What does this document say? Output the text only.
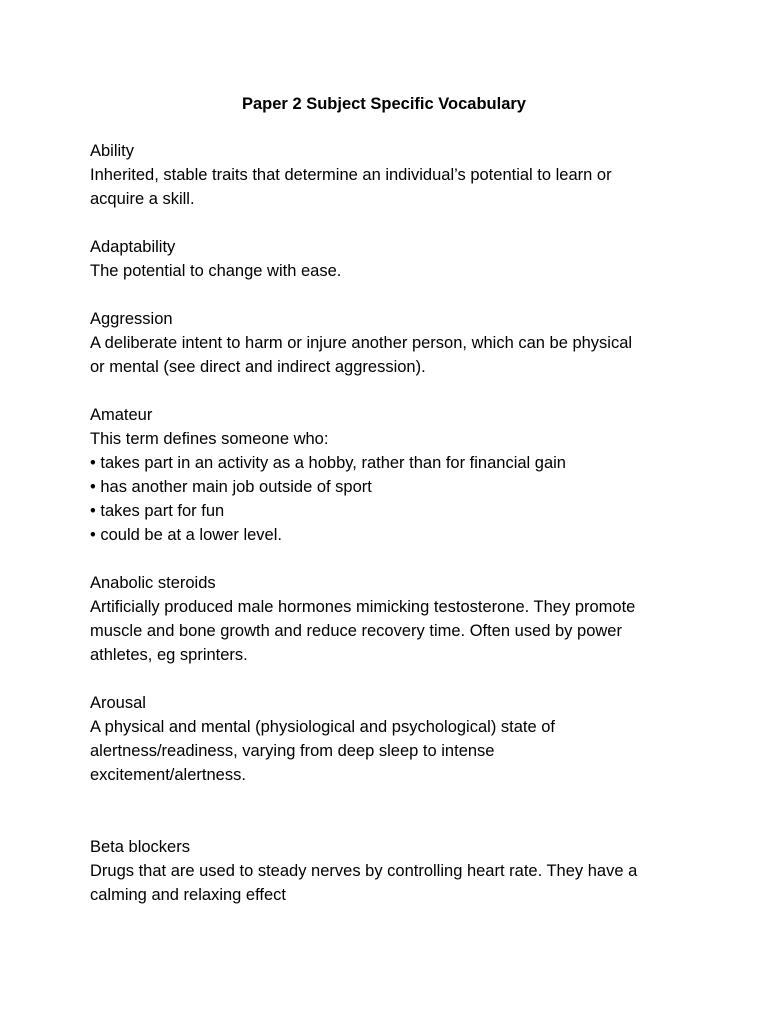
Paper 2 Subject Specific Vocabulary
Ability
Inherited, stable traits that determine an individual’s potential to learn or
acquire a skill.
Adaptability
The potential to change with ease.
Aggression
A deliberate intent to harm or injure another person, which can be physical
or mental (see direct and indirect aggression).
Amateur
This term defines someone who:
• takes part in an activity as a hobby, rather than for financial gain
• has another main job outside of sport
• takes part for fun
• could be at a lower level.
Anabolic steroids
Artificially produced male hormones mimicking testosterone. They promote
muscle and bone growth and reduce recovery time. Often used by power
athletes, eg sprinters.
Arousal
A physical and mental (physiological and psychological) state of
alertness/readiness, varying from deep sleep to intense
excitement/alertness.
Beta blockers
Drugs that are used to steady nerves by controlling heart rate. They have a
calming and relaxing effect
